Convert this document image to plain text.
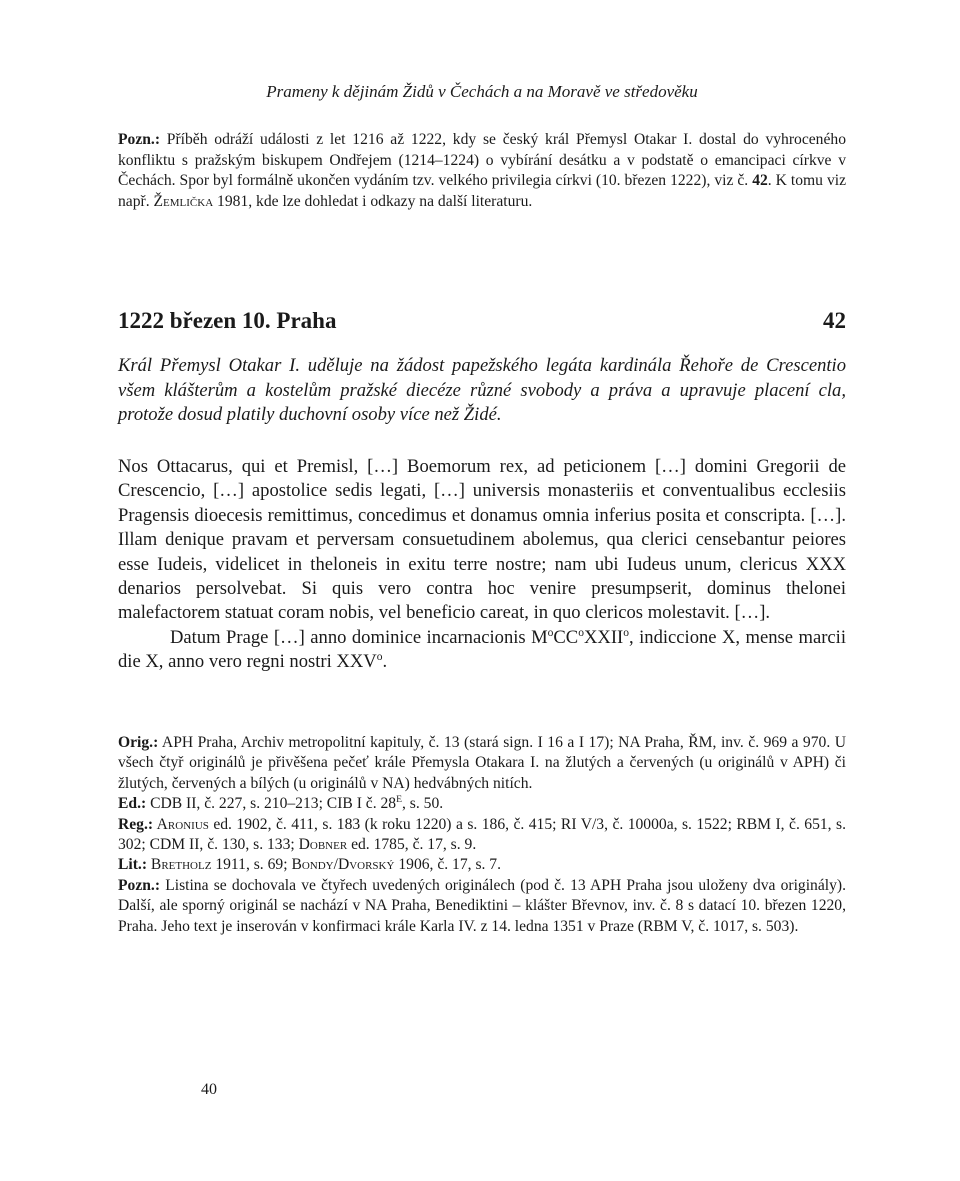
Prameny k dějinám Židů v Čechách a na Moravě ve středověku
Pozn.: Příběh odráží události z let 1216 až 1222, kdy se český král Přemysl Otakar I. dostal do vyhroceného konfliktu s pražským biskupem Ondřejem (1214–1224) o vybírání desátku a v podstatě o emancipaci církve v Čechách. Spor byl formálně ukončen vydáním tzv. velkého privilegia církvi (10. březen 1222), viz č. 42. K tomu viz např. Žemlička 1981, kde lze dohledat i odkazy na další literaturu.
1222 březen 10. Praha	42
Král Přemysl Otakar I. uděluje na žádost papežského legáta kardinála Řehoře de Crescentio všem klášterům a kostelům pražské diecéze různé svobody a práva a upravuje placení cla, protože dosud platily duchovní osoby více než Židé.

Nos Ottacarus, qui et Premisl, […] Boemorum rex, ad peticionem […] domini Gregorii de Crescencio, […] apostolice sedis legati, […] universis monasteriis et conventualibus ecclesiis Pragensis dioecesis remittimus, concedimus et donamus omnia inferius posita et conscripta. […]. Illam denique pravam et perversam consuetudinem abolemus, qua clerici censebantur peiores esse Iudeis, videlicet in theloneis in exitu terre nostre; nam ubi Iudeus unum, clericus XXX denarios persolvebat. Si quis vero contra hoc venire presumpserit, dominus thelonei malefactorem statuat coram nobis, vel beneficio careat, in quo clericos molestavit. […].

Datum Prage […] anno dominice incarnacionis $M^oCC^oXXII^o$, indiccione X, mense marcii die X, anno vero regni nostri XXV$^o$.

Orig.: APH Praha, Archiv metropolitní kapituly, č. 13 (stará sign. I 16 a I 17); NA Praha, ŘM, inv. č. 969 a 970. U všech čtyř originálů je přivěšena pečeť krále Přemysla Otakara I. na žlutých a červených (u originálů v APH) či žlutých, červených a bílých (u originálů v NA) hedvábných nitích.

Ed.: CDB II, č. 227, s. 210–213; CIB I č. $28^E$, s. 50.

Reg.: Aronius ed. 1902, č. 411, s. 183 (k roku 1220) a s. 186, č. 415; RI V/3, č. 10000a, s. 1522; RBM I, č. 651, s. 302; CDM II, č. 130, s. 133; Dobner ed. 1785, č. 17, s. 9.

Lit.: Bretholz 1911, s. 69; Bondy/Dvorský 1906, č. 17, s. 7.

Pozn.: Listina se dochovala ve čtyřech uvedených originálech (pod č. 13 APH Praha jsou uloženy dva originály). Další, ale sporný originál se nachází v NA Praha, Benediktini – klášter Břevnov, inv. č. 8 s datací 10. březen 1220, Praha. Jeho text je inserován v konfirmaci krále Karla IV. z 14. ledna 1351 v Praze (RBM V, č. 1017, s. 503).

40
